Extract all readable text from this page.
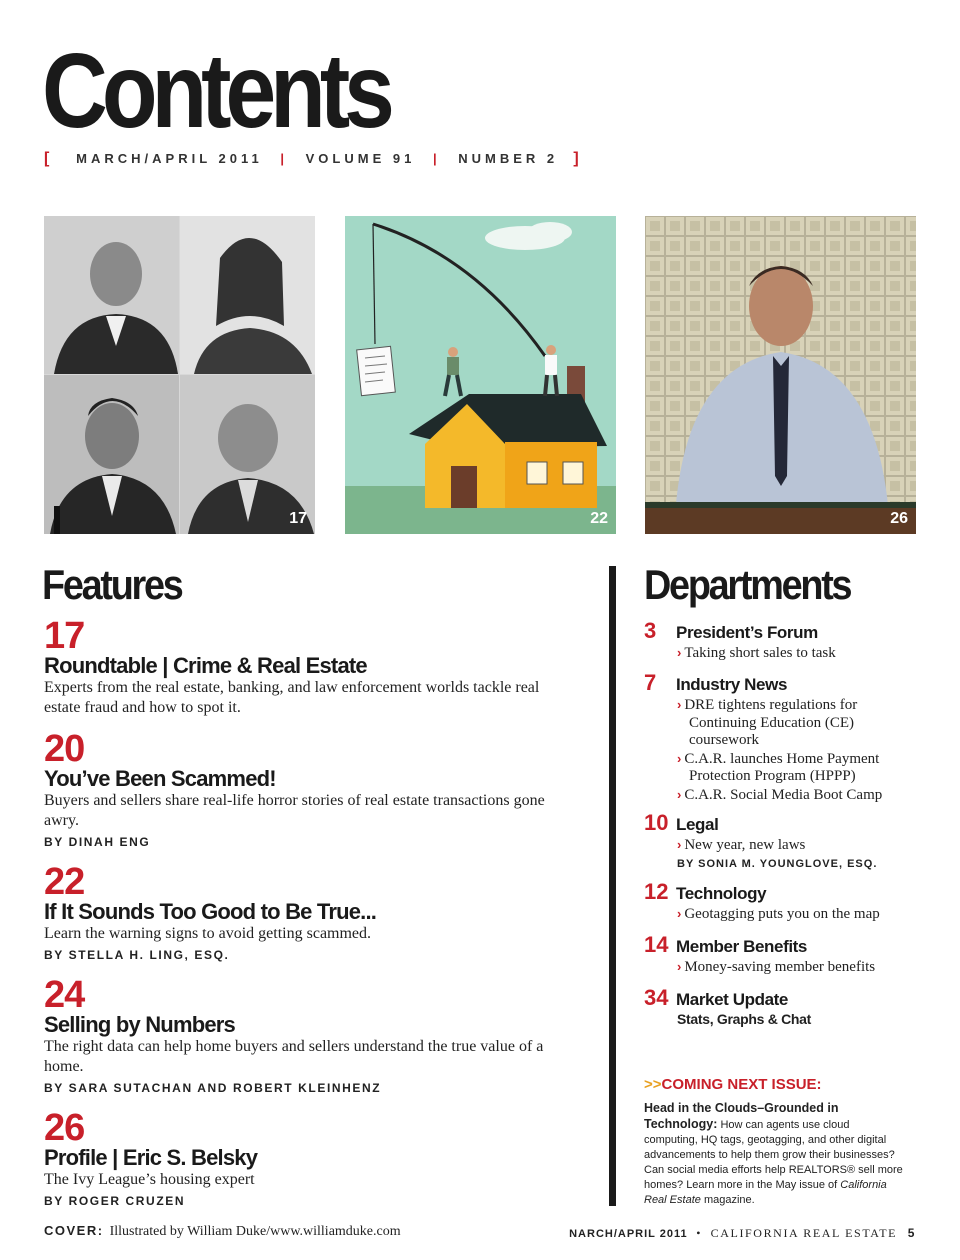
Contents
[ MARCH/APRIL 2011 | VOLUME 91 | NUMBER 2 ]
17	22	26
Features
17
Roundtable | Crime & Real Estate
Experts from the real estate, banking, and law enforcement worlds tackle real estate fraud and how to spot it.
20
You’ve Been Scammed!
Buyers and sellers share real-life horror stories of real estate transactions gone awry.
BY DINAH ENG
22
If It Sounds Too Good to Be True...
Learn the warning signs to avoid getting scammed.
BY STELLA H. LING, ESQ.
24
Selling by Numbers
The right data can help home buyers and sellers understand the true value of a home.
BY SARA SUTACHAN AND ROBERT KLEINHENZ
26
Profile | Eric S. Belsky
The Ivy League’s housing expert
BY ROGER CRUZEN
Departments
3	President’s Forum
› Taking short sales to task
7	Industry News
› DRE tightens regulations for Continuing Education (CE) coursework
› C.A.R. launches Home Payment Protection Program (HPPP)
› C.A.R. Social Media Boot Camp
10 Legal
› New year, new laws
BY SONIA M. YOUNGLOVE, ESQ.
12 Technology
› Geotagging puts you on the map
14 Member Benefits
› Money-saving member benefits
34 Market Update
Stats, Graphs & Chat
>>COMING NEXT ISSUE:
Head in the Clouds–Grounded in Technology: How can agents use cloud computing, HQ tags, geotagging, and other digital advancements to help them grow their businesses? Can social media efforts help REALTORS® sell more homes? Learn more in the May issue of California Real Estate magazine.
COVER: Illustrated by William Duke/www.williamduke.com	NARCH/APRIL 2011 • CALIFORNIA REAL ESTATE 5
